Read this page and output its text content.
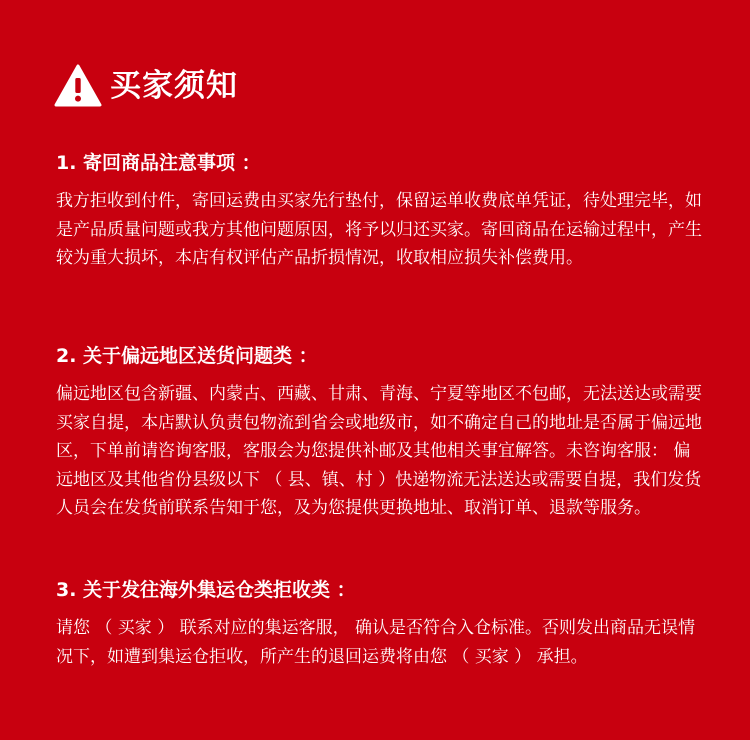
买家须知
1. 寄回商品注意事项 ：
我方拒收到付件，寄回运费由买家先行垫付，保留运单收费底单凭证，待处理完毕，如是产品质量问题或我方其他问题原因，将予以归还买家。寄回商品在运输过程中，产生较为重大损坏，本店有权评估产品折损情况，收取相应损失补偿费用。
2. 关于偏远地区送货问题类 ：
偏远地区包含新疆、内蒙古、西藏、甘肃、青海、宁夏等地区不包邮，无法送达或需要买家自提，本店默认负责包物流到省会或地级市，如不确定自己的地址是否属于偏远地区，下单前请咨询客服，客服会为您提供补邮及其他相关事宜解答。未咨询客服： 偏远地区及其他省份县级以下 （ 县、镇、村 ）快递物流无法送达或需要自提，我们发货人员会在发货前联系告知于您，及为您提供更换地址、取消订单、退款等服务。
3. 关于发往海外集运仓类拒收类 ：
请您 （ 买家 ） 联系对应的集运客服， 确认是否符合入仓标准。否则发出商品无误情况下，如遭到集运仓拒收，所产生的退回运费将由您 （ 买家 ） 承担。
